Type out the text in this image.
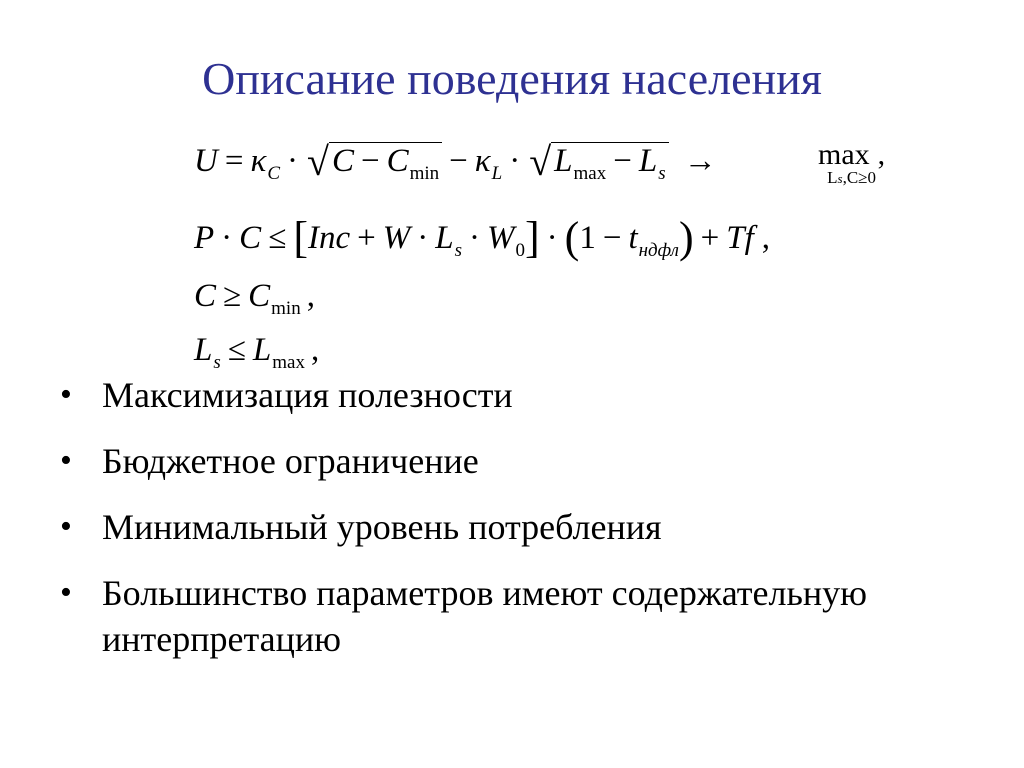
Описание поведения населения
$U = \kappa_C \cdot √C - C_{min} - \kappa_L \cdot √L_{max} - L_s$ →	max ,
Ls,C≥0
$P \cdot C \le [Inc + W \cdot L_s \cdot W_0] \cdot (1 - t_{ндфл}) + Tf$ ,
$C \ge C_{min}$ ,
$L_s \le L_{max}$ ,
• Максимизация полезности
• Бюджетное ограничение
• Минимальный уровень потребления
• Большинство параметров имеют содержательную интерпретацию
